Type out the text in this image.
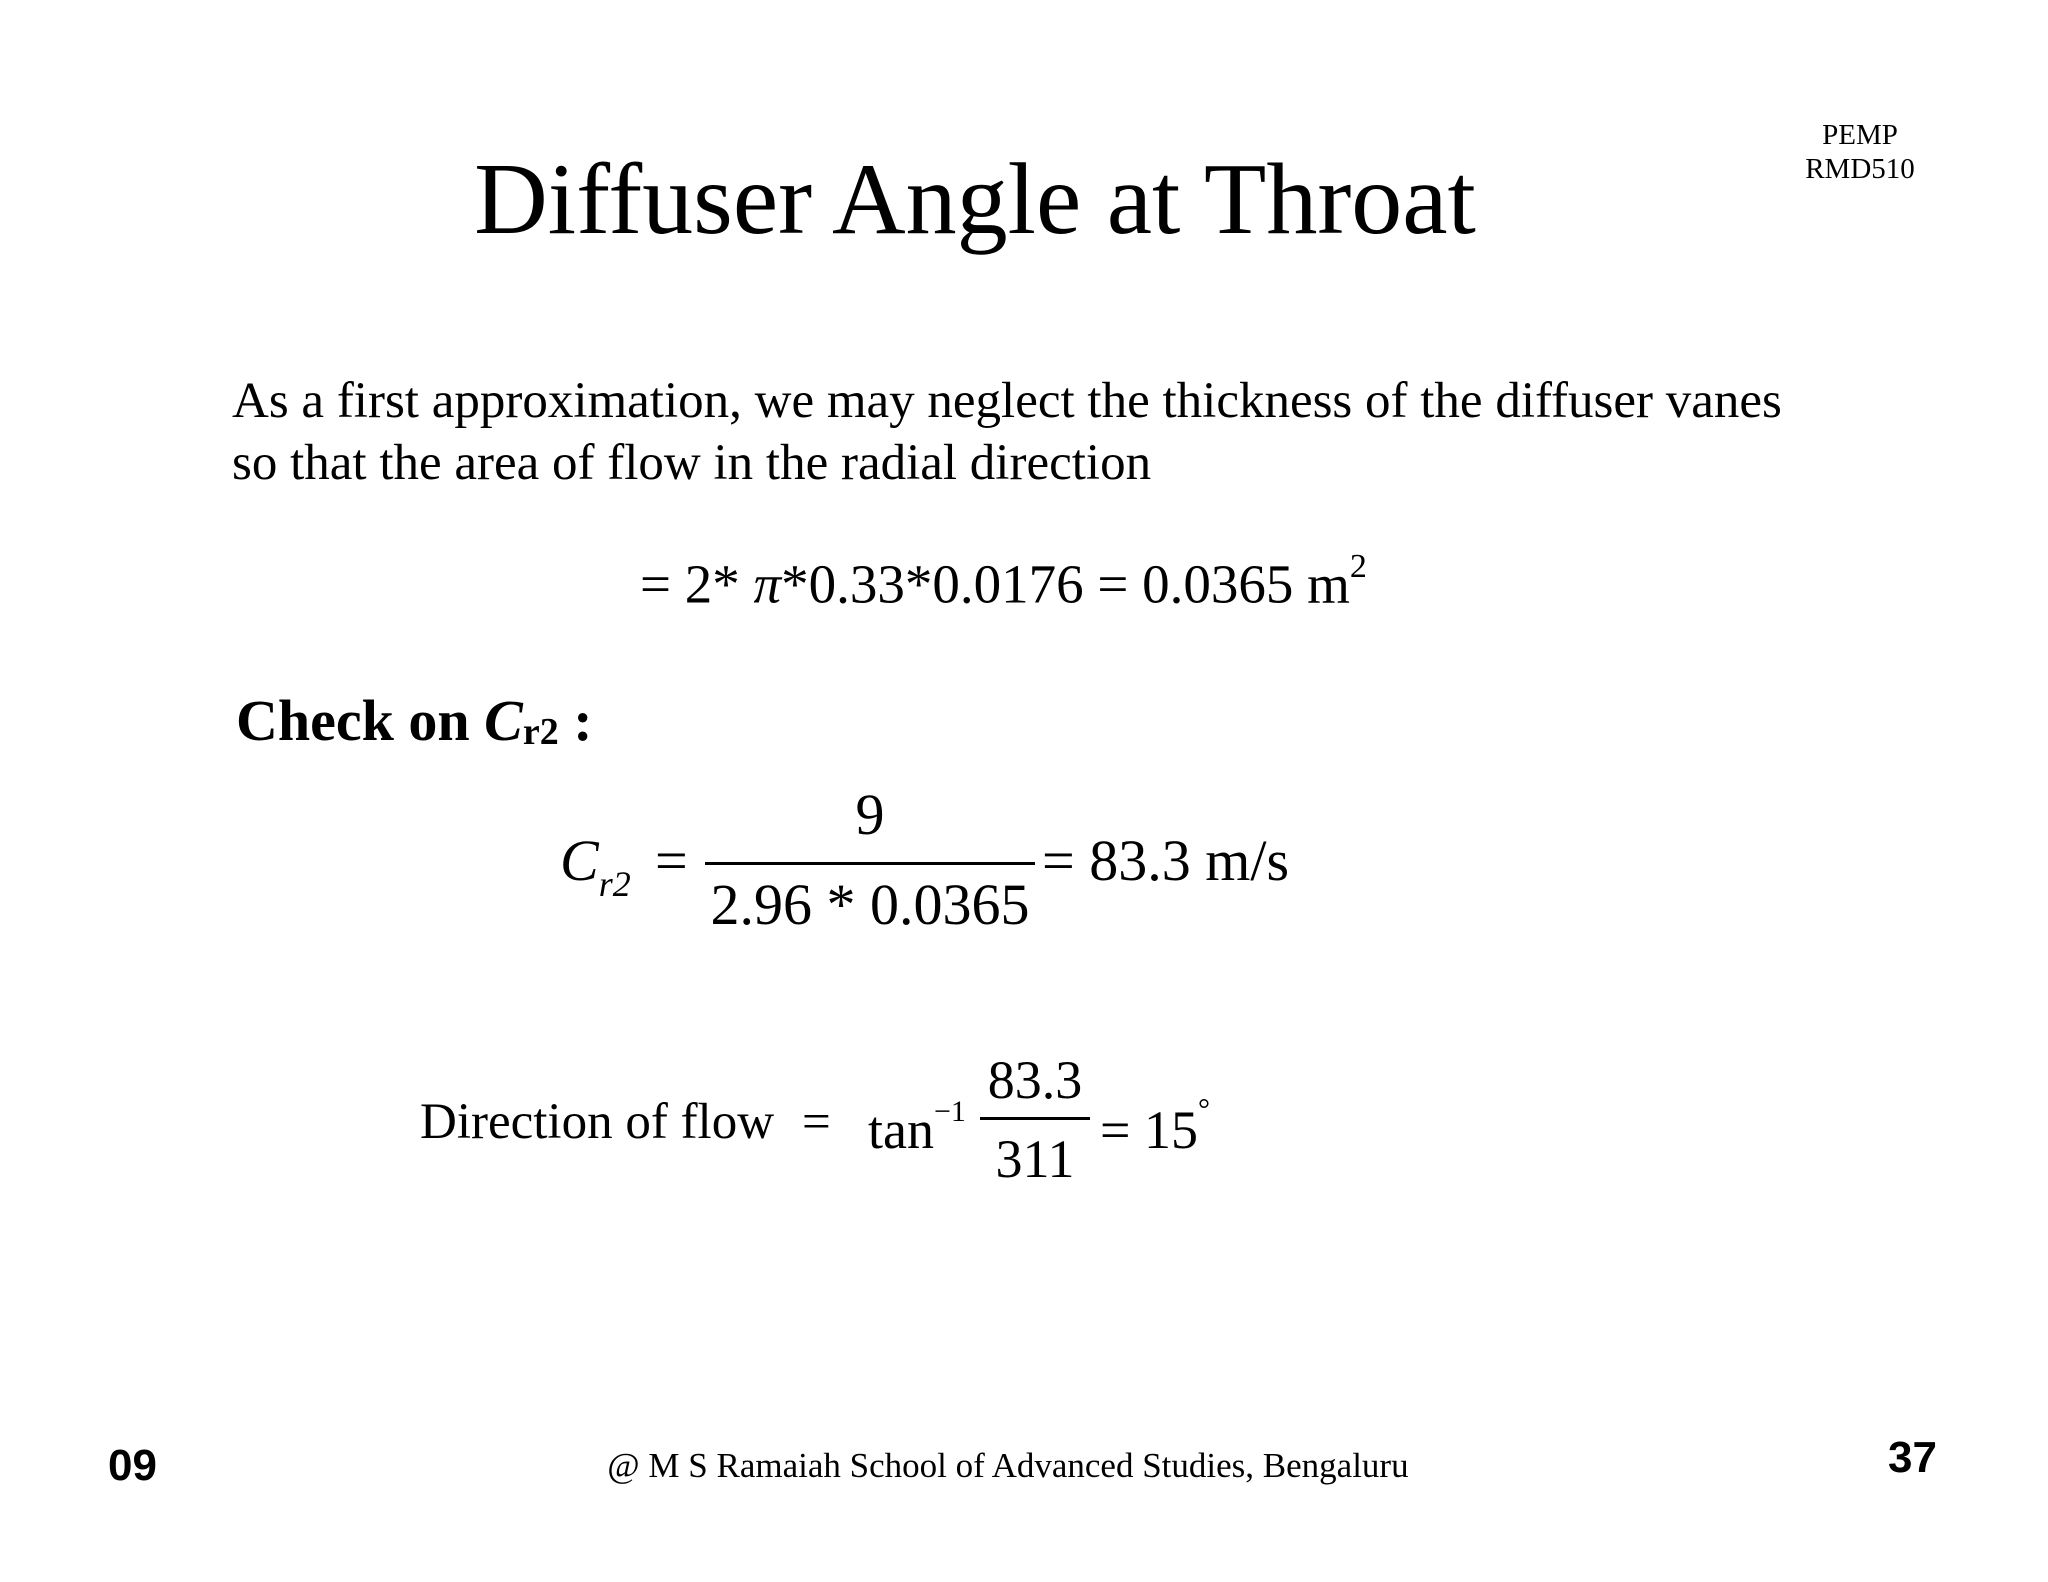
PEMP
RMD510
Diffuser Angle at Throat
As a first approximation, we may neglect the thickness of the diffuser vanes
so that the area of flow in the radial direction
= 2* π*0.33*0.0176 = 0.0365 $m^2$
Check on $C_{r2}$ :
$C_{r2}$ =
9
2.96 * 0.0365
= 83.3 m/s
Direction of flow = $\tan^{-1}$
83.3
311 = 15°
09	@ M S Ramaiah School of Advanced Studies, Bengaluru	37
